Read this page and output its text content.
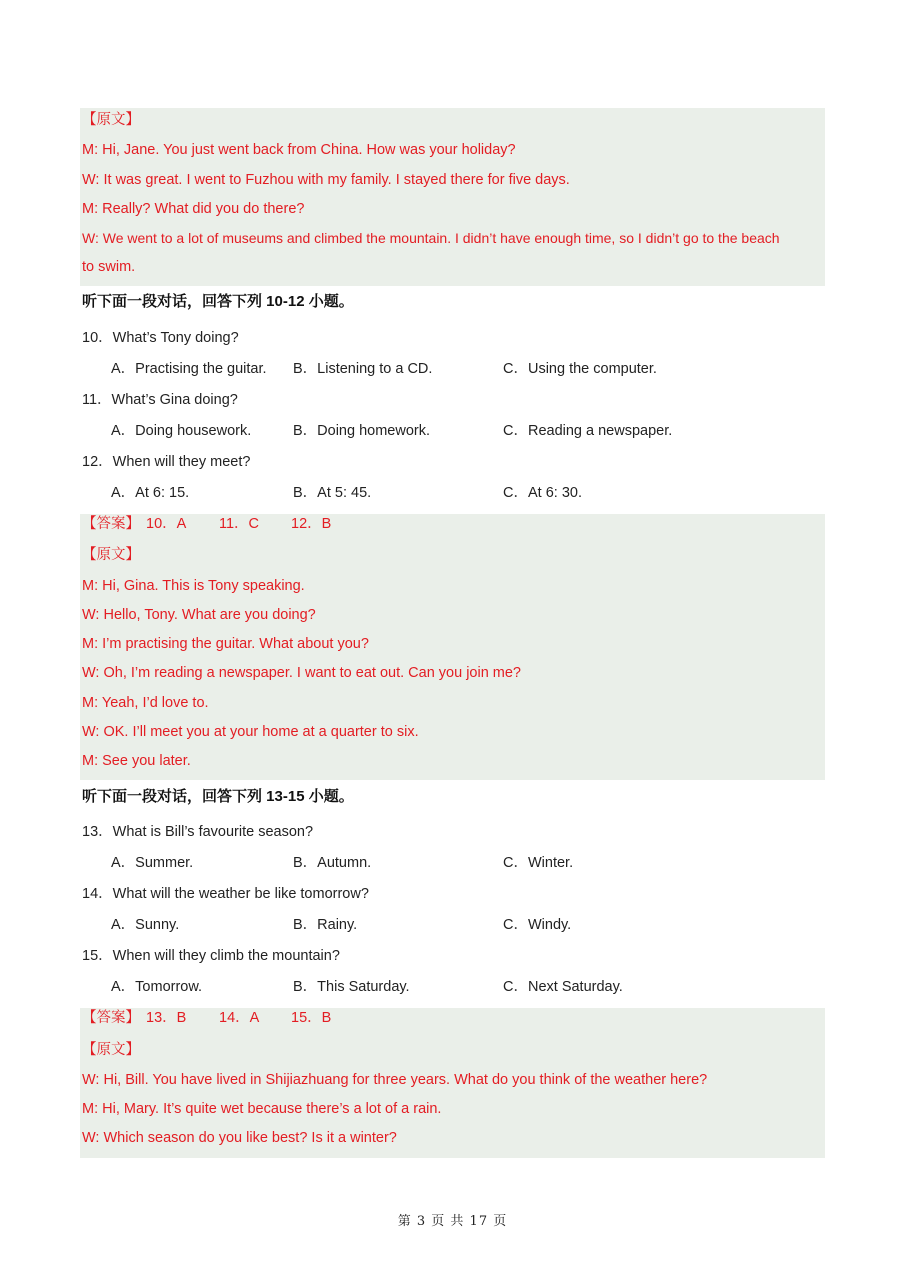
【原文】
M: Hi, Jane. You just went back from China. How was your holiday?
W: It was great. I went to Fuzhou with my family. I stayed there for five days.
M: Really? What did you do there?
W: We went to a lot of museums and climbed the mountain. I didn’t have enough time, so I didn’t go to the beach
to swim.
听下面一段对话，回答下列 10-12 小题。
10．What’s Tony doing?
A．Practising the guitar. B．Listening to a CD.	C．Using the computer.
11．What’s Gina doing?
A．Doing housework.	B．Doing homework.	C．Reading a newspaper.
12．When will they meet?
A．At 6: 15.	B．At 5: 45.	C．At 6: 30.
【答案】 10．A 11．C 12．B
【原文】
M: Hi, Gina. This is Tony speaking.
W: Hello, Tony. What are you doing?
M: I’m practising the guitar. What about you?
W: Oh, I’m reading a newspaper. I want to eat out. Can you join me?
M: Yeah, I’d love to.
W: OK. I’ll meet you at your home at a quarter to six.
M: See you later.
听下面一段对话，回答下列 13-15 小题。
13．What is Bill’s favourite season?
A．Summer.	B．Autumn.	C．Winter.
14．What will the weather be like tomorrow?
A．Sunny.	B．Rainy.	C．Windy.
15．When will they climb the mountain?
A．Tomorrow.	B．This Saturday.	C．Next Saturday.
【答案】 13．B 14．A 15．B
【原文】
W: Hi, Bill. You have lived in Shijiazhuang for three years. What do you think of the weather here?
M: Hi, Mary. It’s quite wet because there’s a lot of a rain.
W: Which season do you like best? Is it a winter?
第 3 页 共 17 页
